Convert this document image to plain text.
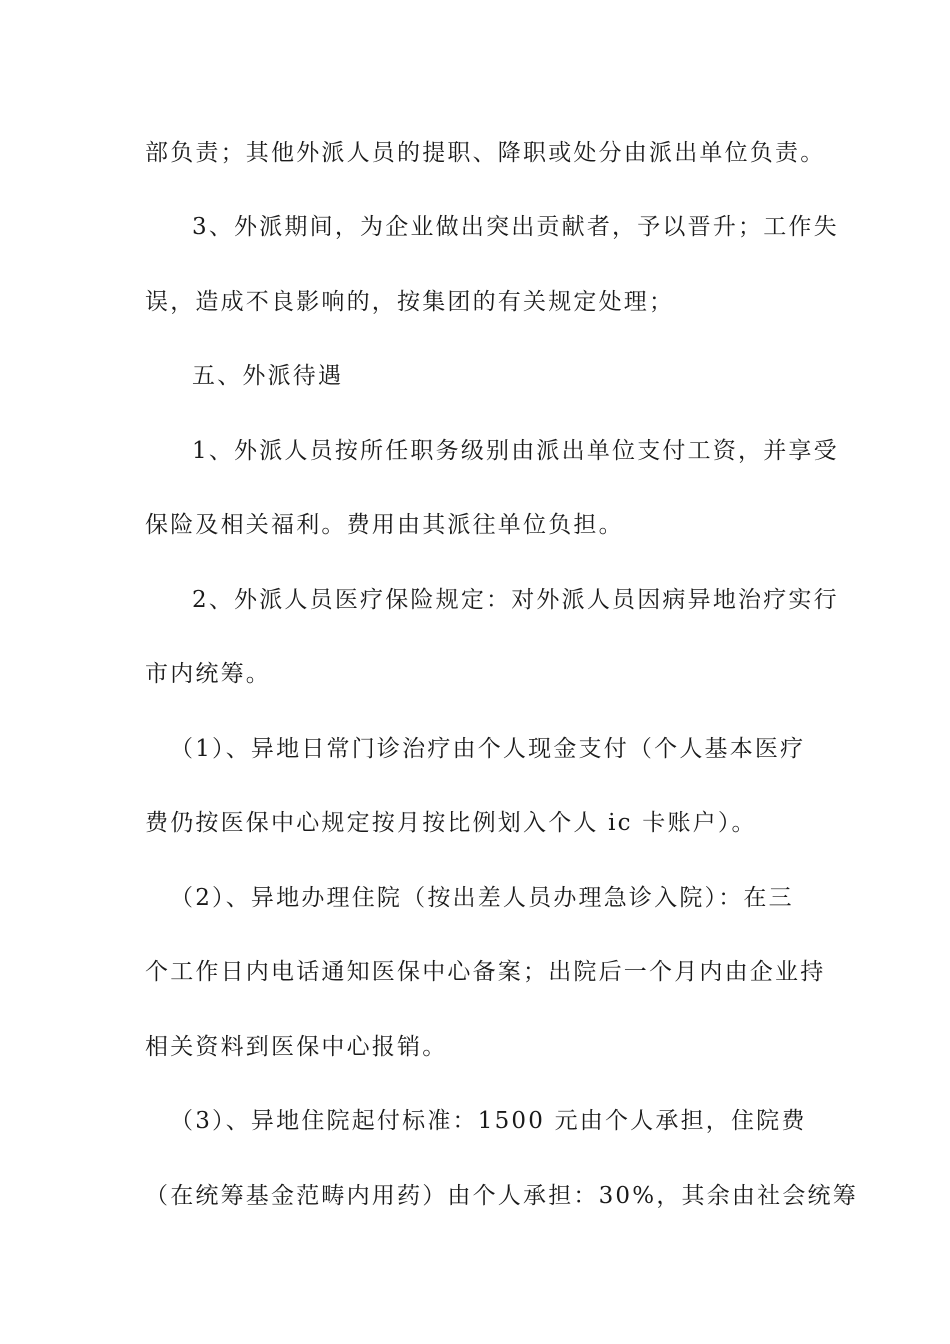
部负责；其他外派人员的提职、降职或处分由派出单位负责。
3、外派期间，为企业做出突出贡献者，予以晋升；工作失
误，造成不良影响的，按集团的有关规定处理；
五、外派待遇
1、外派人员按所任职务级别由派出单位支付工资，并享受
保险及相关福利。费用由其派往单位负担。
2、外派人员医疗保险规定：对外派人员因病异地治疗实行
市内统筹。
（1）、异地日常门诊治疗由个人现金支付（个人基本医疗
费仍按医保中心规定按月按比例划入个人 ic 卡账户）。
（2）、异地办理住院（按出差人员办理急诊入院）：在三
个工作日内电话通知医保中心备案；出院后一个月内由企业持
相关资料到医保中心报销。
（3）、异地住院起付标准：1500 元由个人承担，住院费
（在统筹基金范畴内用药）由个人承担：30%，其余由社会统筹
